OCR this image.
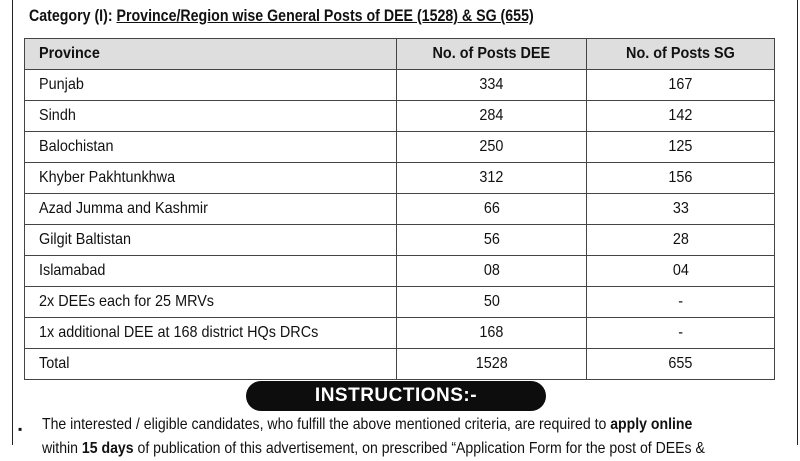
Category (I): Province/Region wise General Posts of DEE (1528) & SG (655)
Province	No. of Posts DEE	No. of Posts SG
Punjab	334	167
Sindh	284	142
Balochistan	250	125
Khyber Pakhtunkhwa	312	156
Azad Jumma and Kashmir	66	33
Gilgit Baltistan	56	28
Islamabad	08	04
2x DEEs each for 25 MRVs	50	-
1x additional DEE at 168 district HQs DRCs	168	-
Total	1528	655
INSTRUCTIONS:-
▪ The interested / eligible candidates, who fulfill the above mentioned criteria, are required to apply online
within 15 days of publication of this advertisement, on prescribed “Application Form for the post of DEEs &
